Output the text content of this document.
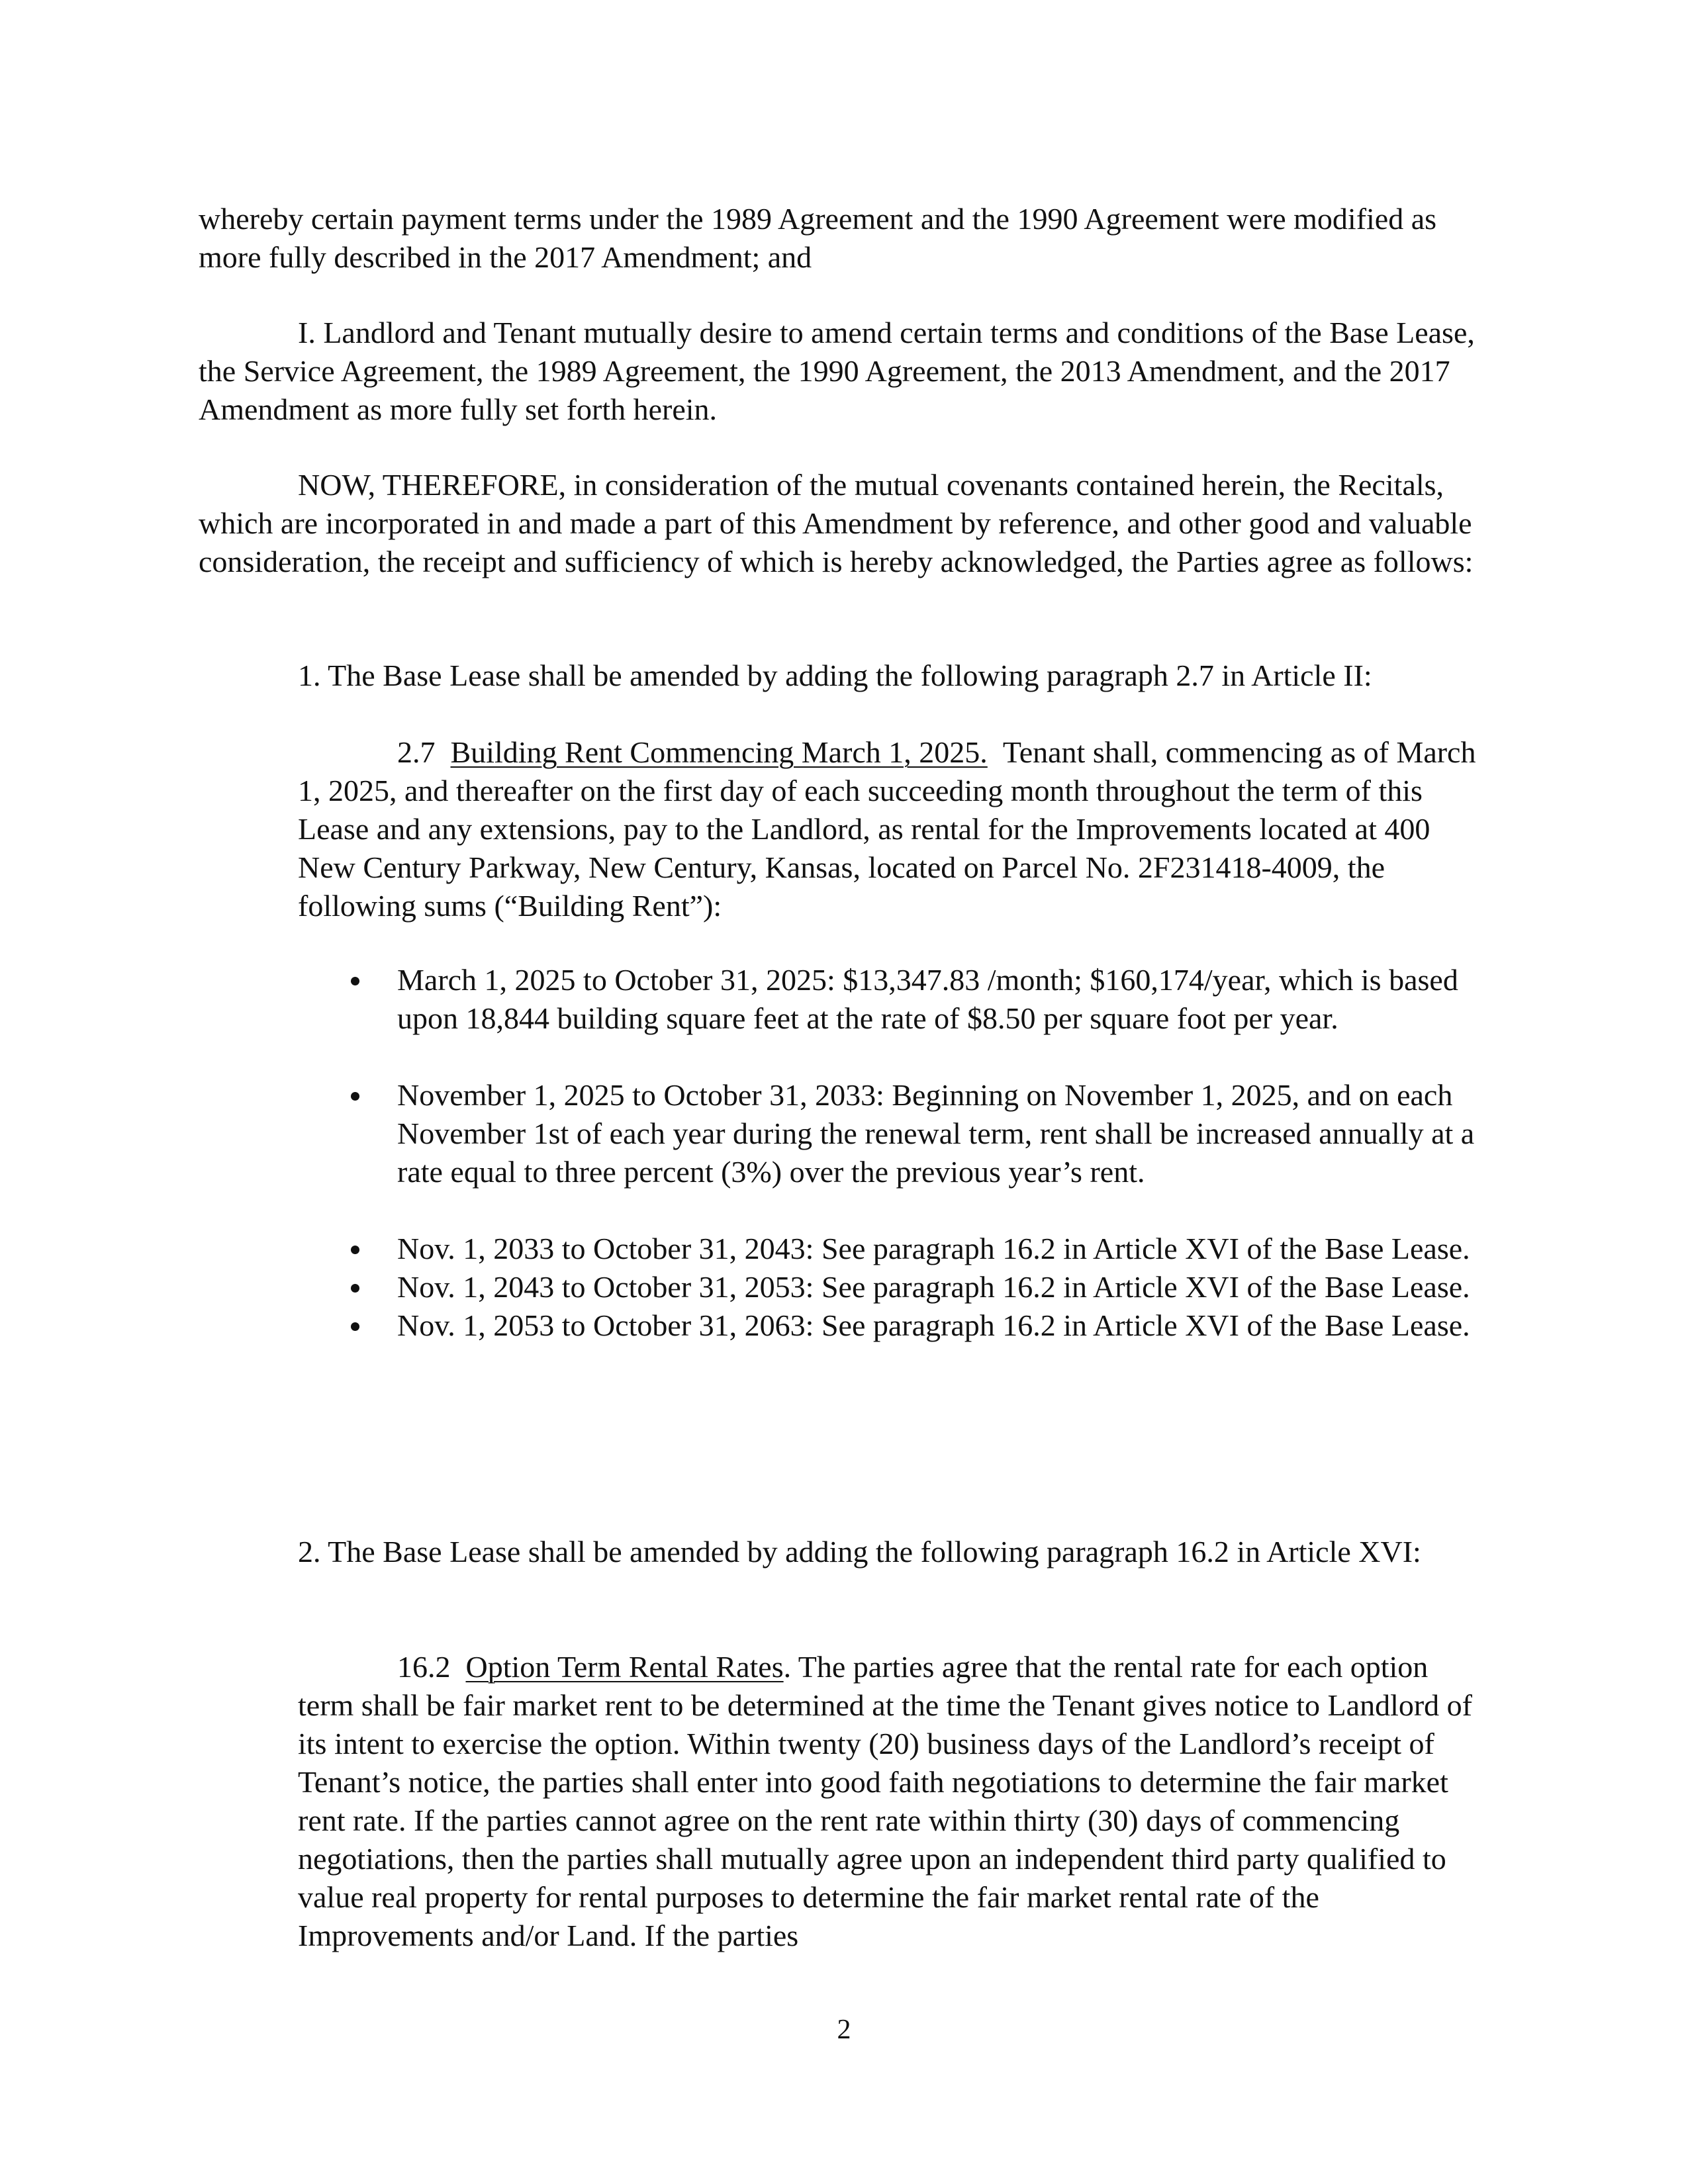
whereby certain payment terms under the 1989 Agreement and the 1990 Agreement were modified as more fully described in the 2017 Amendment; and

I. Landlord and Tenant mutually desire to amend certain terms and conditions of the Base Lease, the Service Agreement, the 1989 Agreement, the 1990 Agreement, the 2013 Amendment, and the 2017 Amendment as more fully set forth herein.

NOW, THEREFORE, in consideration of the mutual covenants contained herein, the Recitals, which are incorporated in and made a part of this Amendment by reference, and other good and valuable consideration, the receipt and sufficiency of which is hereby acknowledged, the Parties agree as follows:

1. The Base Lease shall be amended by adding the following paragraph 2.7 in Article II:

2.7 Building Rent Commencing March 1, 2025. Tenant shall, commencing as of March 1, 2025, and thereafter on the first day of each succeeding month throughout the term of this Lease and any extensions, pay to the Landlord, as rental for the Improvements located at 400 New Century Parkway, New Century, Kansas, located on Parcel No. 2F231418-4009, the following sums (“Building Rent”):

March 1, 2025 to October 31, 2025: $13,347.83 /month; $160,174/year, which is based upon 18,844 building square feet at the rate of $8.50 per square foot per year.
November 1, 2025 to October 31, 2033: Beginning on November 1, 2025, and on each November 1st of each year during the renewal term, rent shall be increased annually at a rate equal to three percent (3%) over the previous year’s rent.
Nov. 1, 2033 to October 31, 2043: See paragraph 16.2 in Article XVI of the Base Lease.
Nov. 1, 2043 to October 31, 2053: See paragraph 16.2 in Article XVI of the Base Lease.
Nov. 1, 2053 to October 31, 2063: See paragraph 16.2 in Article XVI of the Base Lease.

2. The Base Lease shall be amended by adding the following paragraph 16.2 in Article XVI:

16.2 Option Term Rental Rates. The parties agree that the rental rate for each option term shall be fair market rent to be determined at the time the Tenant gives notice to Landlord of its intent to exercise the option. Within twenty (20) business days of the Landlord’s receipt of Tenant’s notice, the parties shall enter into good faith negotiations to determine the fair market rent rate. If the parties cannot agree on the rent rate within thirty (30) days of commencing negotiations, then the parties shall mutually agree upon an independent third party qualified to value real property for rental purposes to determine the fair market rental rate of the Improvements and/or Land. If the parties

2
